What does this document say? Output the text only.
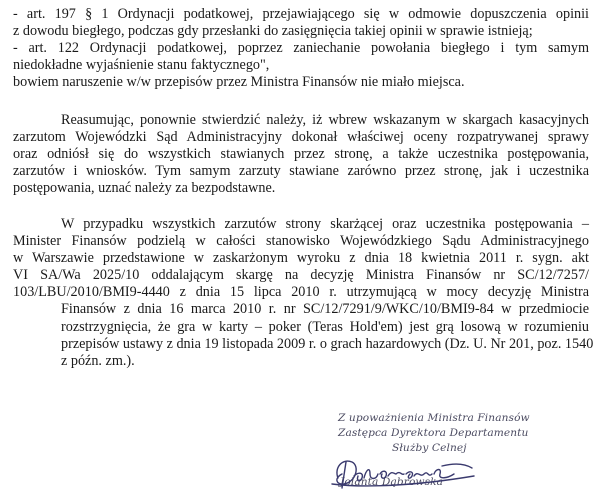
- art. 197 § 1 Ordynacji podatkowej, przejawiającego się w odmowie dopuszczenia opinii
z dowodu biegłego, podczas gdy przesłanki do zasięgnięcia takiej opinii w sprawie istnieją;
- art. 122 Ordynacji podatkowej, poprzez zaniechanie powołania biegłego i tym samym
niedokładne wyjaśnienie stanu faktycznego",
bowiem naruszenie w/w przepisów przez Ministra Finansów nie miało miejsca.
Reasumując, ponownie stwierdzić należy, iż wbrew wskazanym w skargach kasacyjnych
zarzutom Wojewódzki Sąd Administracyjny dokonał właściwej oceny rozpatrywanej sprawy
oraz odniósł się do wszystkich stawianych przez stronę, a także uczestnika postępowania,
zarzutów i wniosków. Tym samym zarzuty stawiane zarówno przez stronę, jak i uczestnika
postępowania, uznać należy za bezpodstawne.
W przypadku wszystkich zarzutów strony skarżącej oraz uczestnika postępowania –
Minister Finansów podzielą w całości stanowisko Wojewódzkiego Sądu Administracyjnego
w Warszawie przedstawione w zaskarżonym wyroku z dnia 18 kwietnia 2011 r. sygn. akt
VI SA/Wa 2025/10 oddalającym skargę na decyzję Ministra Finansów nr SC/12/7257/
103/LBU/2010/BMI9-4440 z dnia 15 lipca 2010 r. utrzymującą w mocy decyzję Ministra
Finansów z dnia 16 marca 2010 r. nr SC/12/7291/9/WKC/10/BMI9-84 w przedmiocie
rozstrzygnięcia, że gra w karty – poker (Teras Hold'em) jest grą losową w rozumieniu
przepisów ustawy z dnia 19 listopada 2009 r. o grach hazardowych (Dz. U. Nr 201, poz. 1540
z późn. zm.).
Z upoważnienia Ministra Finansów
Zastępca Dyrektora Departamentu
Służby Celnej
Jolanta Dąbrowska
